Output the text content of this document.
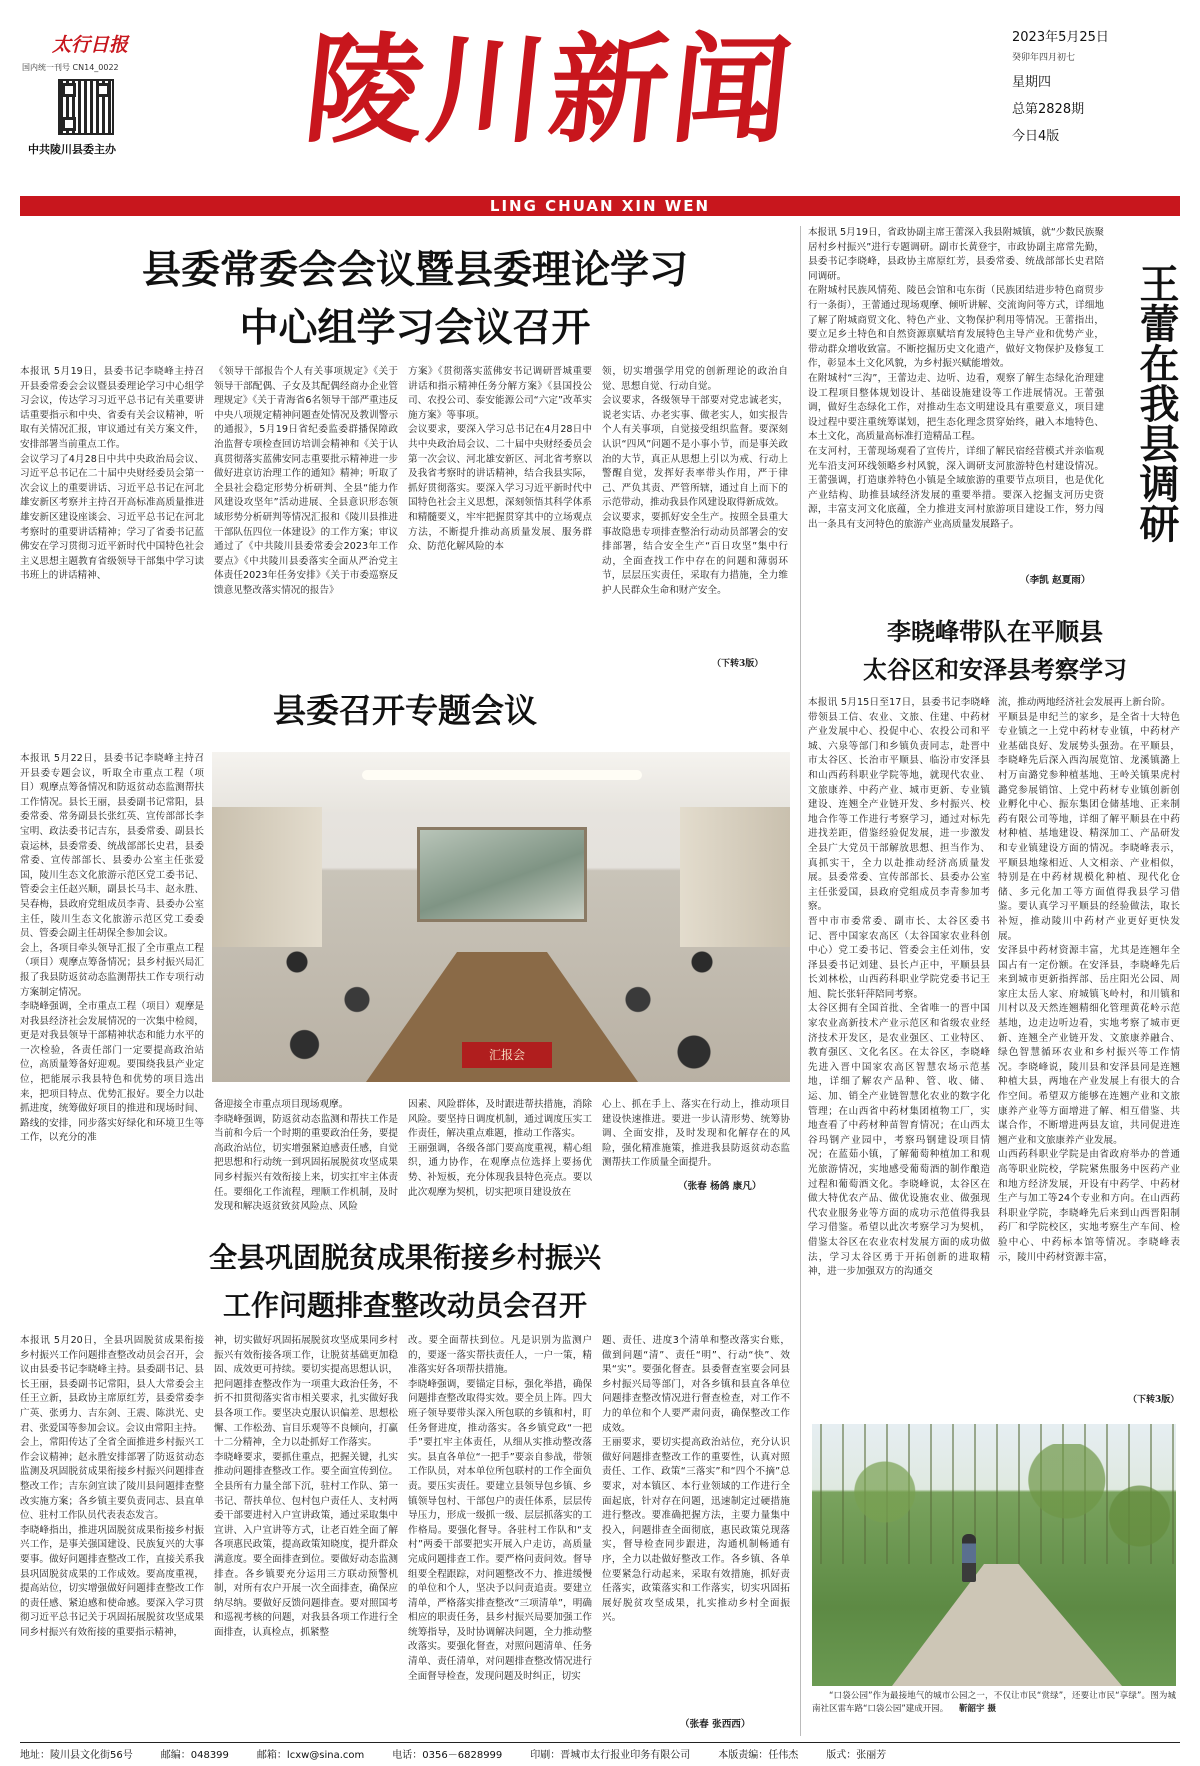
太行日报
国内统一刊号 CN14_0022
中共陵川县委主办	陵川新闻	2023年5月25日
癸卯年四月初七
星期四
总第2828期
今日4版
LING CHUAN XIN WEN
县委常委会会议暨县委理论学习
中心组学习会议召开
本报讯 5月19日，县委书记李晓峰主持召开县委常委会会议暨县委理论学习中心组学习会议，传达学习习近平总书记有关重要讲话重要指示和中央、省委有关会议精神，听取有关情况汇报，审议通过有关方案文件，安排部署当前重点工作。
会议学习了4月28日中共中央政治局会议、习近平总书记在二十届中央财经委员会第一次会议上的重要讲话、习近平总书记在河北雄安新区考察并主持召开高标准高质量推进雄安新区建设座谈会、习近平总书记在河北考察时的重要讲话精神；学习了省委书记蓝佛安在学习贯彻习近平新时代中国特色社会主义思想主题教育省级领导干部集中学习读书班上的讲话精神、
《领导干部报告个人有关事项规定》《关于领导干部配偶、子女及其配偶经商办企业管理规定》《关于青海省6名领导干部严重违反中央八项规定精神问题查处情况及教训警示的通报》，5月19日省纪委监委群播保障政治监督专项检查回访培训会精神和《关于认真贯彻落实蓝佛安同志重要批示精神进一步做好进京访治理工作的通知》精神；听取了全县社会稳定形势分析研判、全县“能力作风建设攻坚年”活动进展、全县意识形态领域形势分析研判等情况汇报和《陵川县推进干部队伍四位一体建设》的工作方案；审议通过了《中共陵川县委常委会2023年工作要点》《中共陵川县委落实全面从严治党主体责任2023年任务安排》《关于市委巡察反馈意见整改落实情况的报告》
方案》《贯彻落实蓝佛安书记调研晋城重要讲话和指示精神任务分解方案》《县国投公司、农投公司、泰安能源公司“六定”改革实施方案》等事项。
会议要求，要深入学习总书记在4月28日中共中央政治局会议、二十届中央财经委员会第一次会议、河北雄安新区、河北省考察以及我省考察时的讲话精神，结合我县实际，抓好贯彻落实。要深入学习习近平新时代中国特色社会主义思想，深刻领悟其科学体系和精髓要义，牢牢把握贯穿其中的立场观点方法，不断提升推动高质量发展、服务群众、防范化解风险的本
领，切实增强学用党的创新理论的政治自觉、思想自觉、行动自觉。
会议要求，各级领导干部要对党忠诚老实，说老实话、办老实事、做老实人，如实报告个人有关事项，自觉接受组织监督。要深刻认识“四风”问题不是小事小节，而是事关政治的大节，真正从思想上引以为戒、行动上警醒自觉，发挥好表率带头作用，严于律己、严负其责、严管所辖，通过自上而下的示范带动，推动我县作风建设取得新成效。
会议要求，要抓好安全生产。按照全县重大事故隐患专项排查整治行动动员部署会的安排部署，结合安全生产“百日攻坚”集中行动，全面查找工作中存在的问题和薄弱环节，层层压实责任，采取有力措施，全力维护人民群众生命和财产安全。
（下转3版）
县委召开专题会议
本报讯 5月22日，县委书记李晓峰主持召开县委专题会议，听取全市重点工程（项目）观摩点筹备情况和防返贫动态监测帮扶工作情况。县长王丽，县委副书记常阳，县委常委、常务副县长张红英、宣传部部长李宝明、政法委书记吉东，县委常委、副县长袁运林，县委常委、统战部部长史君，县委常委、宣传部部长、县委办公室主任张爱国，陵川生态文化旅游示范区党工委书记、管委会主任赵兴顺，副县长马丰、赵永胜、吴春梅，县政府党组成员李青、县委办公室主任，陵川生态文化旅游示范区党工委委员、管委会副主任胡保全参加会议。
会上，各项目牵头领导汇报了全市重点工程（项目）观摩点筹备情况；县乡村振兴局汇报了我县防返贫动态监测帮扶工作专项行动方案制定情况。
李晓峰强调，全市重点工程（项目）观摩是对我县经济社会发展情况的一次集中检阅，更是对我县领导干部精神状态和能力水平的一次检验，各责任部门一定要提高政治站位，高质量筹备好迎观。要围绕我县产业定位，把能展示我县特色和优势的项目选出来，把项目特点、优势汇报好。要全力以赴抓进度，统筹做好项目的推进和现场时间、路线的安排，同步落实好绿化和环境卫生等工作，以充分的准
汇报会
备迎接全市重点项目现场观摩。
李晓峰强调，防返贫动态监测和帮扶工作是当前和今后一个时期的重要政治任务，要提高政治站位，切实增强紧迫感责任感，自觉把思想和行动统一到巩固拓展脱贫攻坚成果同乡村振兴有效衔接上来，切实扛牢主体责任。要细化工作流程，理顺工作机制，及时发现和解决返贫致贫风险点、风险
因素、风险群体，及时跟进帮扶措施，消除风险。要坚持日调度机制，通过调度压实工作责任，解决重点难题，推动工作落实。
王丽强调，各级各部门要高度重视，精心组织，通力协作，在观摩点位选择上要扬优势、补短板，充分体现我县特色亮点。要以此次观摩为契机，切实把项目建设放在
心上、抓在手上、落实在行动上，推动项目建设快速推进。要进一步认清形势、统筹协调、全面安排，及时发现和化解存在的风险，强化精准施策，推进我县防返贫动态监测帮扶工作质量全面提升。
（张春 杨鸽 康凡）
全县巩固脱贫成果衔接乡村振兴
工作问题排查整改动员会召开
本报讯 5月20日，全县巩固脱贫成果衔接乡村振兴工作问题排查整改动员会召开，会议由县委书记李晓峰主持。县委副书记、县长王丽，县委副书记常阳，县人大常委会主任王立新，县政协主席原红芳，县委常委李广英、张勇力、吉东剑、王震、陈洪光、史君、张爱国等参加会议。会议由常阳主持。
会上，常阳传达了全省全面推进乡村振兴工作会议精神；赵永胜安排部署了防返贫动态监测及巩固脱贫成果衔接乡村振兴问题排查整改工作；吉东剑宣读了陵川县问题排查整改实施方案；各乡镇主要负责同志、县直单位、驻村工作队员代表表态发言。
李晓峰指出，推进巩固脱贫成果衔接乡村振兴工作，是事关强国建设、民族复兴的大事要事。做好问题排查整改工作，直接关系我县巩固脱贫成果的工作成效。要高度重视，提高站位，切实增强做好问题排查整改工作的责任感、紧迫感和使命感。要深入学习贯彻习近平总书记关于巩固拓展脱贫攻坚成果同乡村振兴有效衔接的重要指示精神，
神，切实做好巩固拓展脱贫攻坚成果同乡村振兴有效衔接各项工作，让脱贫基础更加稳固、成效更可持续。要切实提高思想认识，把问题排查整改作为一项重大政治任务，不折不扣贯彻落实省市相关要求，扎实做好我县各项工作。要坚决克服认识偏差、思想松懈、工作松劲、盲目乐观等不良倾向，打赢十二分精神，全力以赴抓好工作落实。
李晓峰要求，要抓住重点，把握关键，扎实推动问题排查整改工作。要全面宣传到位。全县所有力量全部下沉，驻村工作队、第一书记、帮扶单位、包村包户责任人、支村两委干部要进村入户宣讲政策，通过采取集中宣讲、入户宣讲等方式，让老百姓全面了解各项惠民政策，提高政策知晓度，提升群众满意度。要全面排查到位。要做好动态监测排查。各乡镇要充分运用三方联动预警机制，对所有农户开展一次全面排查，确保应纳尽纳。要做好反馈问题排查。要对照国考和巡视考核的问题，对我县各项工作进行全面排查，认真检点，抓紧整
改。要全面帮扶到位。凡是识别为监测户的，要逐一落实帮扶责任人，一户一策，精准落实好各项帮扶措施。
李晓峰强调，要锚定目标，强化举措，确保问题排查整改取得实效。要全员上阵。四大班子领导要带头深入所包联的乡镇和村，盯任务督进度，推动落实。各乡镇党政“一把手”要扛牢主体责任，从细从实推动整改落实。县直各单位“一把手”要亲自参战，带领工作队员，对本单位所包联村的工作全面负责。要压实责任。要建立县领导包乡镇、乡镇领导包村、干部包户的责任体系，层层传导压力，形成一级抓一级、层层抓落实的工作格局。要强化督导。各驻村工作队和“支村”两委干部要把实开展入户走访，高质量完成问题排查工作。要严格问责问效。督导组要全程跟踪，对问题整改不力、推进缓慢的单位和个人，坚决予以问责追责。要建立清单，严格落实排查整改“三项清单”，明确相应的职责任务，县乡村振兴局要加强工作统筹指导，及时协调解决问题，全力推动整改落实。要强化督查，对照问题清单、任务清单、责任清单，对问题排查整改情况进行全面督导检查，发现问题及时纠正，切实
题、责任、进度3个清单和整改落实台账，做到问题“清”、责任“明”、行动“快”、效果“实”。要强化督查。县委督查室要会同县乡村振兴局等部门，对各乡镇和县直各单位问题排查整改情况进行督查检查，对工作不力的单位和个人要严肃问责，确保整改工作成效。
王丽要求，要切实提高政治站位，充分认识做好问题排查整改工作的重要性，认真对照责任、工作、政策“三落实”和“四个不摘”总要求，对本镇区、本行业领域的工作进行全面起底，针对存在问题，迅速制定过硬措施进行整改。要准确把握方法，主要力量集中投入，问题排查全面彻底，惠民政策兑现落实，督导检查同步跟进，沟通机制畅通有序，全力以赴做好整改工作。各乡镇、各单位要紧急行动起来，采取有效措施，抓好责任落实，政策落实和工作落实，切实巩固拓展好脱贫攻坚成果，扎实推动乡村全面振兴。
（张春 张西西）
本报讯 5月19日，省政协副主席王蕾深入我县附城镇，就“少数民族聚居村乡村振兴”进行专题调研。副市长黄登宇，市政协副主席常先勤，县委书记李晓峰，县政协主席原红芳，县委常委、统战部部长史君陪同调研。
在附城村民族风情苑、陵邑会馆和屯东街（民族团结进步特色商贸步行一条街），王蕾通过现场观摩、倾听讲解、交流询问等方式，详细地了解了附城商贸文化、特色产业、文物保护利用等情况。王蕾指出，要立足乡土特色和自然资源禀赋培育发展特色主导产业和优势产业，带动群众增收致富。不断挖掘历史文化遗产，做好文物保护及修复工作，彰显本土文化风貌，为乡村振兴赋能增效。
在附城村“三沟”，王蕾边走、边听、边看，观察了解生态绿化治理建设工程项目整体规划设计、基础设施建设等工作进展情况。王蕾强调，做好生态绿化工作，对推动生态文明建设具有重要意义，项目建设过程中要注重统筹谋划，把生态化理念贯穿始终，融入本地特色、本土文化，高质量高标准打造精品工程。
在支河村，王蕾现场观看了宣传片，详细了解民宿经营模式并亲临观光车沿支河环线领略乡村风貌，深入调研支河旅游特色村建设情况。王蕾强调，打造康养特色小镇是全域旅游的重要节点项目，也是优化产业结构、助推县域经济发展的重要举措。要深入挖掘支河历史资源，丰富支河文化底蕴，全力推进支河村旅游项目建设工作，努力闯出一条具有支河特色的旅游产业高质量发展路子。
（李凯 赵夏雨）
王蕾在我县调研
李晓峰带队在平顺县
太谷区和安泽县考察学习
本报讯 5月15日至17日，县委书记李晓峰带领县工信、农业、文旅、住建、中药材产业发展中心、投促中心、农投公司和平城、六泉等部门和乡镇负责同志，赴晋中市太谷区、长治市平顺县、临汾市安泽县和山西药科职业学院等地，就现代农业、文旅康养、中药产业、城市更新、专业镇建设、连翘全产业链开发、乡村振兴、校地合作等工作进行考察学习，通过对标先进找差距，借鉴经验促发展，进一步激发全县广大党员干部解放思想、担当作为、真抓实干，全力以赴推动经济高质量发展。县委常委、宣传部部长、县委办公室主任张爱国，县政府党组成员李青参加考察。
晋中市市委常委、副市长、太谷区委书记、晋中国家农高区（太谷国家农业科创中心）党工委书记、管委会主任刘伟，安泽县委书记刘建、县长卢正中，平顺县县长刘林松，山西药科职业学院党委书记王旭、院长张轩萍陪同考察。
太谷区拥有全国首批、全省唯一的晋中国家农业高新技术产业示范区和省级农业经济技术开发区，是农业强区、工业特区、教育强区、文化名区。在太谷区，李晓峰先进入晋中国家农高区智慧农场示范基地，详细了解农产品种、管、收、储、运、加、销全产业链智慧化农业的数字化管理；在山西省中药材集团植物工厂，实地查看了中药材种苗智育情况；在山西太谷玛钢产业园中，考察玛钢建设项目情况；在蓝茹小镇，了解葡萄种植加工和观光旅游情况，实地感受葡萄酒的制作酿造过程和葡萄酒文化。李晓峰说，太谷区在做大特优农产品、做优设施农业、做强现代农业服务业等方面的成功示范值得我县学习借鉴。希望以此次考察学习为契机，借鉴太谷区在农业农村发展方面的成功做法，学习太谷区勇于开拓创新的进取精神，进一步加强双方的沟通交
流，推动两地经济社会发展再上新台阶。
平顺县是申纪兰的家乡，是全省十大特色专业镇之一上党中药材专业镇，中药材产业基础良好、发展势头强劲。在平顺县，李晓峰先后深入西沟展览馆、龙溪镇潞上村万亩潞党参种植基地、王岭关镇果虎村潞党参展销馆、上党中药材专业镇创新创业孵化中心、振东集团仓储基地、正来制药有限公司等地，详细了解平顺县在中药材种植、基地建设、精深加工、产品研发和专业镇建设方面的情况。李晓峰表示，平顺县地缘相近、人文相亲、产业相似，特别是在中药材规模化种植、现代化仓储、多元化加工等方面值得我县学习借鉴。要认真学习平顺县的经验做法，取长补短，推动陵川中药材产业更好更快发展。
安泽县中药材资源丰富，尤其是连翘年全国占有一定份额。在安泽县，李晓峰先后来到城市更新指挥部、岳庄阳光公园、周家庄太岳人家、府城镇飞岭村，和川镇和川村以及天然连翘精细化管理黄花岭示范基地，边走边听边看，实地考察了城市更新、连翘全产业链开发、文旅康养融合、绿色智慧循环农业和乡村振兴等工作情况。李晓峰说，陵川县和安泽县同是连翘种植大县，两地在产业发展上有很大的合作空间。希望双方能够在连翘产业和文旅康养产业等方面增进了解、相互借鉴、共谋合作，不断增进两县友谊，共同促进连翘产业和文旅康养产业发展。
山西药科职业学院是由省政府举办的普通高等职业院校，学院紧焦服务中医药产业和地方经济发展，开设有中药学、中药材生产与加工等24个专业和方向。在山西药科职业学院，李晓峰先后来到山西晋阳制药厂和学院校区，实地考察生产车间、检验中心、中药标本馆等情况。李晓峰表示，陵川中药材资源丰富，
（下转3版）
“口袋公园”作为最接地气的城市公园之一，不仅让市民“赏绿”，还要让市民“享绿”。图为城南社区雷车路“口袋公园”建成开园。 靳韶宇 摄
地址：陵川县文化街56号	邮编：048399	邮箱：lcxw@sina.com	电话：0356－6828999	印刷：晋城市太行报业印务有限公司	本版责编：任伟杰	版式：张丽芳
